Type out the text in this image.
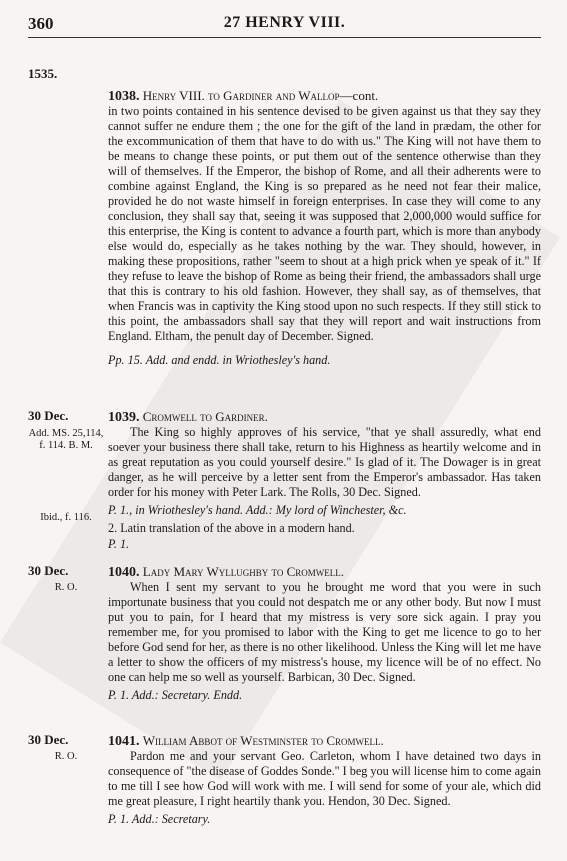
360	27 HENRY VIII.
1535.
1038. Henry VIII. to Gardiner and Wallop—cont.

in two points contained in his sentence devised to be given against us that they say they cannot suffer ne endure them ; the one for the gift of the land in prædam, the other for the excommunication of them that have to do with us." The King will not have them to be means to change these points, or put them out of the sentence otherwise than they will of themselves. If the Emperor, the bishop of Rome, and all their adherents were to combine against England, the King is so prepared as he need not fear their malice, provided he do not waste himself in foreign enterprises. In case they will come to any conclusion, they shall say that, seeing it was supposed that 2,000,000 would suffice for this enterprise, the King is content to advance a fourth part, which is more than anybody else would do, especially as he takes nothing by the war. They should, however, in making these propositions, rather "seem to shout at a high prick when ye speak of it." If they refuse to leave the bishop of Rome as being their friend, the ambassadors shall urge that this is contrary to his old fashion. However, they shall say, as of themselves, that when Francis was in captivity the King stood upon no such respects. If they still stick to this point, the ambassadors shall say that they will report and wait instructions from England. Eltham, the penult day of December. Signed.

Pp. 15. Add. and endd. in Wriothesley's hand.
30 Dec.
Add. MS. 25,114, f. 114. B. M.
Ibid., f. 116.
1039. Cromwell to Gardiner.

The King so highly approves of his service, "that ye shall assuredly, what end soever your business there shall take, return to his Highness as heartily welcome and in as great reputation as you could yourself desire." Is glad of it. The Dowager is in great danger, as he will perceive by a letter sent from the Emperor's ambassador. Has taken order for his money with Peter Lark. The Rolls, 30 Dec. Signed.

P. 1., in Wriothesley's hand. Add.: My lord of Winchester, &c.
2. Latin translation of the above in a modern hand.
P. 1.
30 Dec.
R. O.
1040. Lady Mary Wyllughby to Cromwell.

When I sent my servant to you he brought me word that you were in such importunate business that you could not despatch me or any other body. But now I must put you to pain, for I heard that my mistress is very sore sick again. I pray you remember me, for you promised to labor with the King to get me licence to go to her before God send for her, as there is no other likelihood. Unless the King will let me have a letter to show the officers of my mistress's house, my licence will be of no effect. No one can help me so well as yourself. Barbican, 30 Dec. Signed.

P. 1. Add.: Secretary. Endd.
30 Dec.
R. O.
1041. William Abbot of Westminster to Cromwell.

Pardon me and your servant Geo. Carleton, whom I have detained two days in consequence of "the disease of Goddes Sonde." I beg you will license him to come again to me till I see how God will work with me. I will send for some of your ale, which did me great pleasure, I right heartily thank you. Hendon, 30 Dec. Signed.

P. 1. Add.: Secretary.
